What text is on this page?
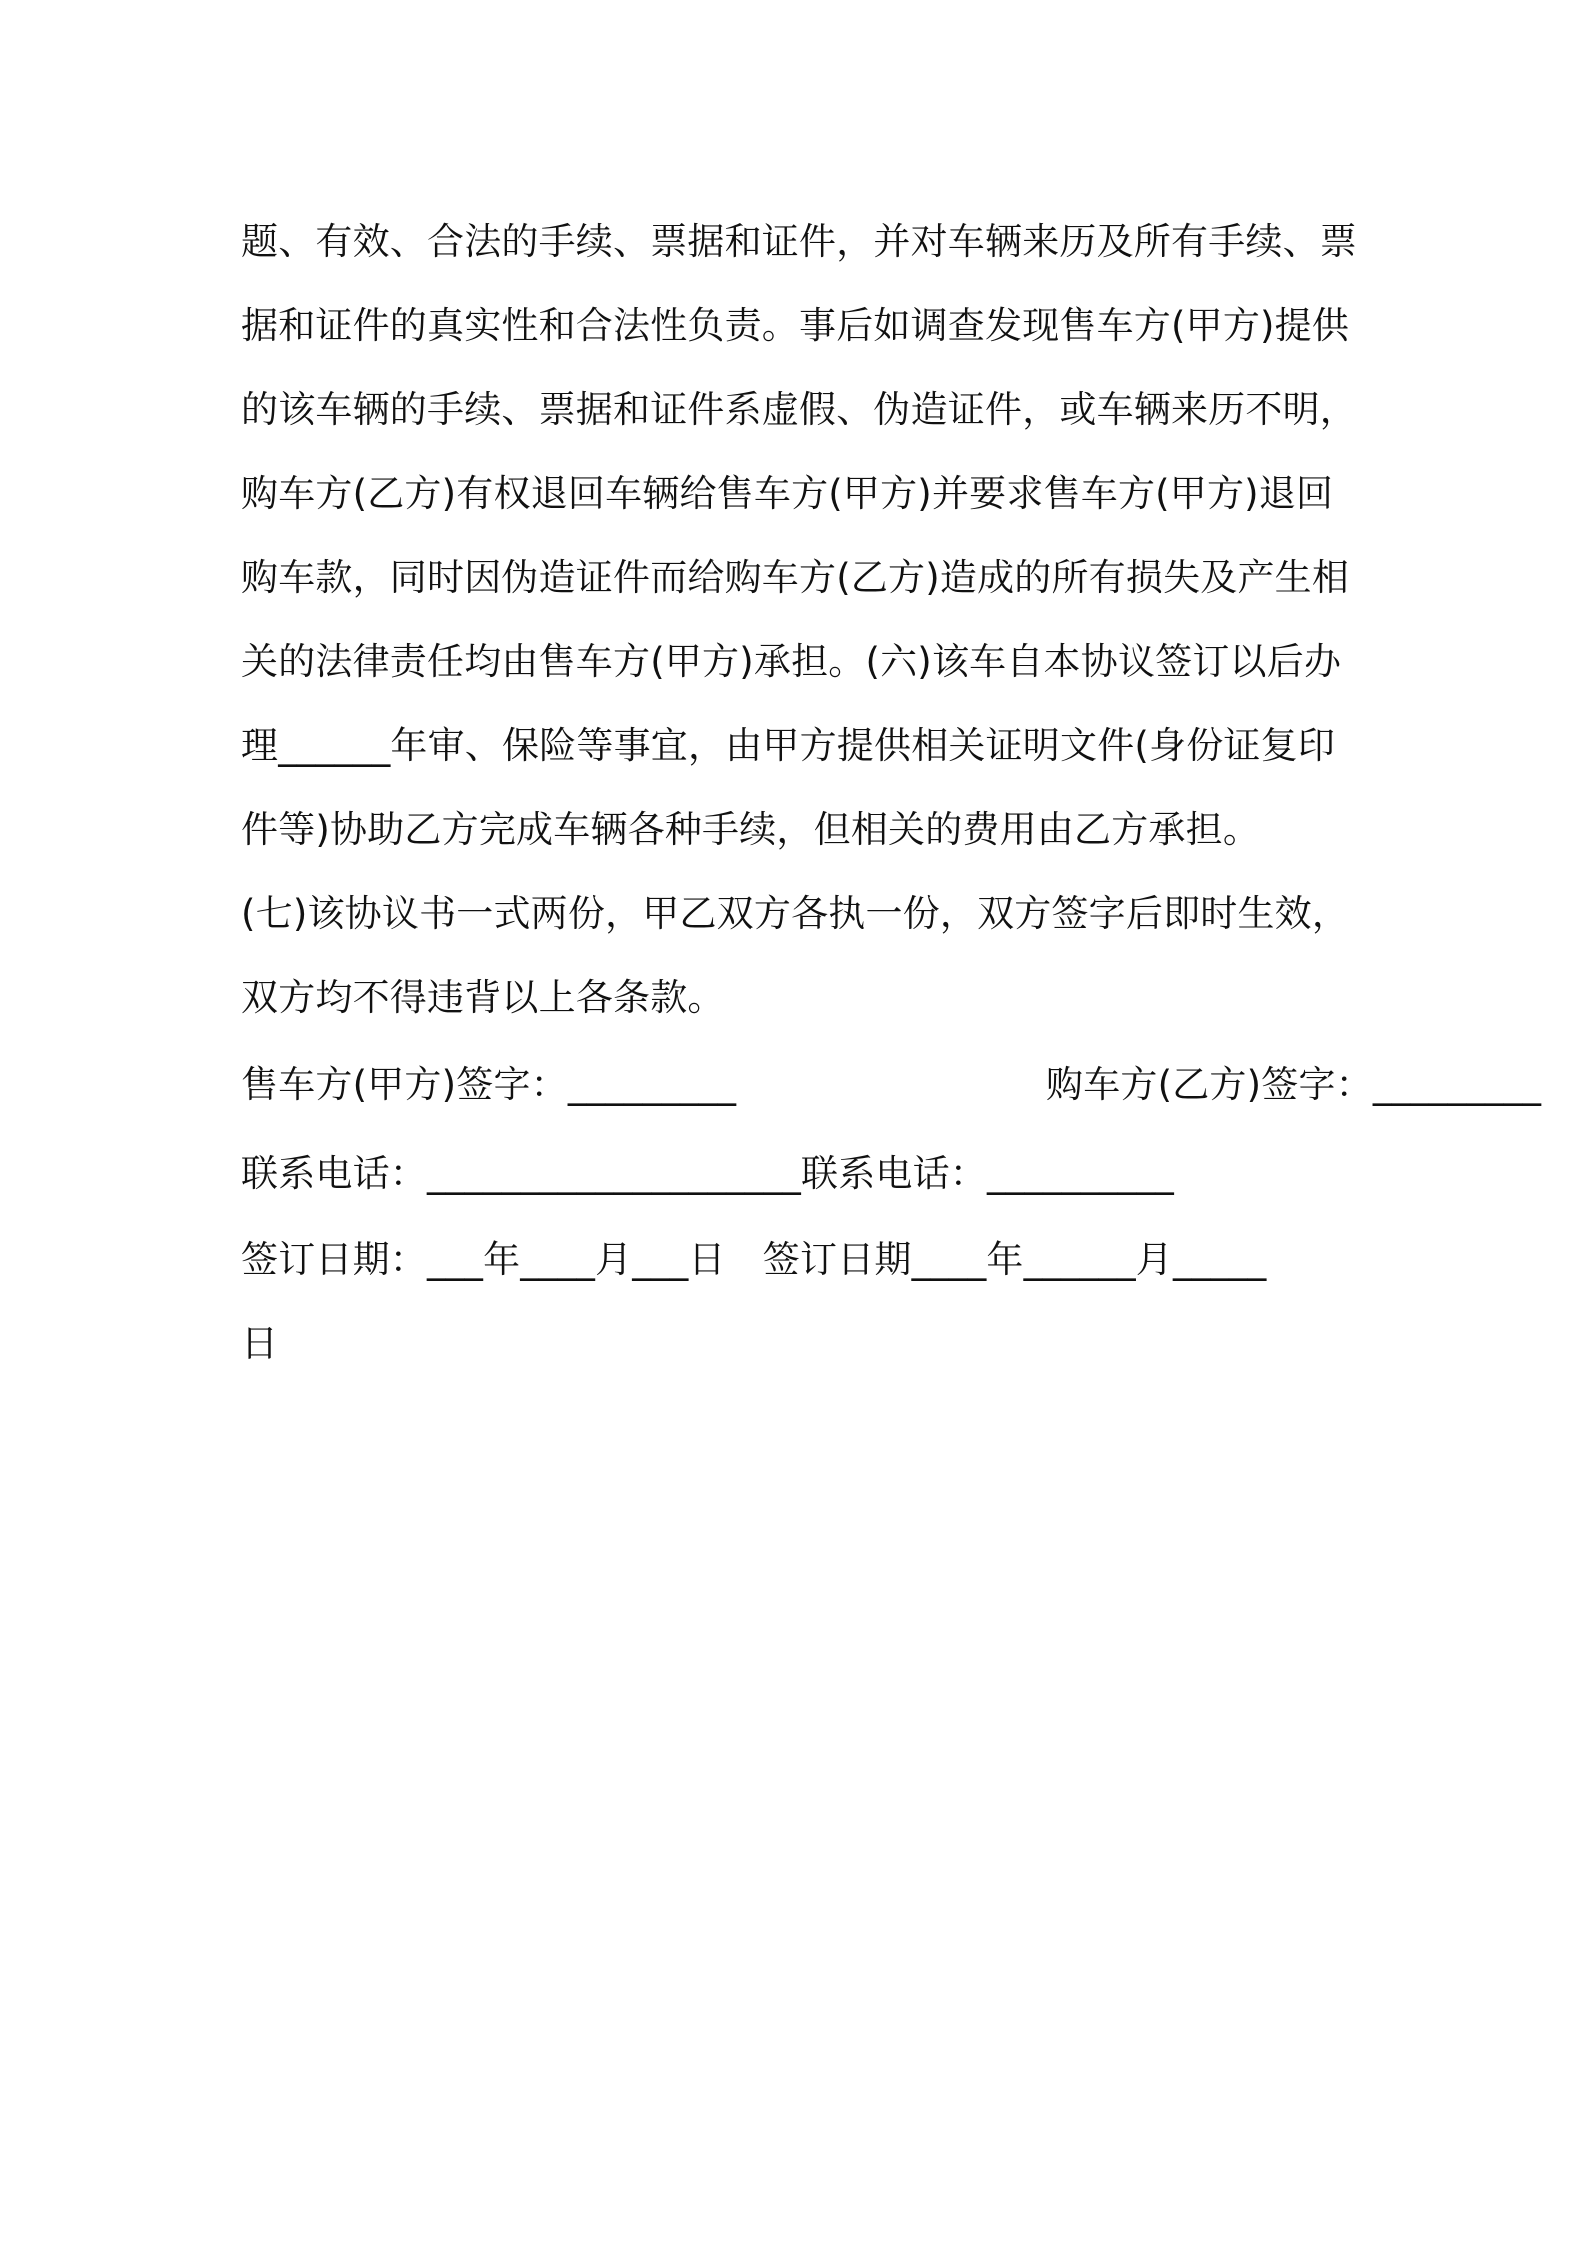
题、有效、合法的手续、票据和证件，并对车辆来历及所有手续、票
据和证件的真实性和合法性负责。事后如调查发现售车方(甲方)提供
的该车辆的手续、票据和证件系虚假、伪造证件，或车辆来历不明，
购车方(乙方)有权退回车辆给售车方(甲方)并要求售车方(甲方)退回
购车款，同时因伪造证件而给购车方(乙方)造成的所有损失及产生相
关的法律责任均由售车方(甲方)承担。(六)该车自本协议签订以后办
理______年审、保险等事宜，由甲方提供相关证明文件(身份证复印
件等)协助乙方完成车辆各种手续，但相关的费用由乙方承担。
(七)该协议书一式两份，甲乙双方各执一份，双方签字后即时生效，
双方均不得违背以上各条款。
售车方(甲方)签字：_________	购车方(乙方)签字：_________
联系电话：____________________联系电话：__________
签订日期：___年____月___日　签订日期____年______月_____
日
